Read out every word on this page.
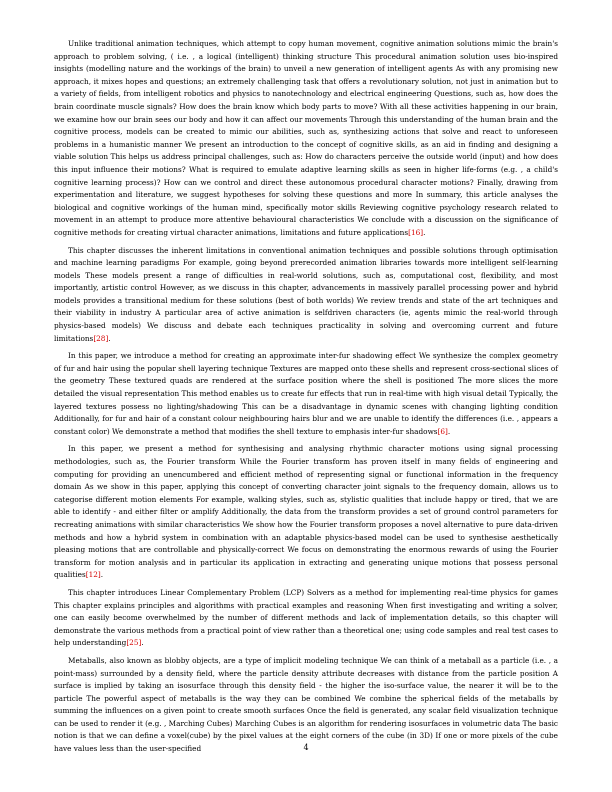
Unlike traditional animation techniques, which attempt to copy human movement, cognitive animation solutions mimic the brain's approach to problem solving, ( i.e. , a logical (intelligent) thinking structure This procedural animation solution uses bio-inspired insights (modelling nature and the workings of the brain) to unveil a new generation of intelligent agents As with any promising new approach, it mixes hopes and questions; an extremely challenging task that offers a revolutionary solution, not just in animation but to a variety of fields, from intelligent robotics and physics to nanotechnology and electrical engineering Questions, such as, how does the brain coordinate muscle signals? How does the brain know which body parts to move? With all these activities happening in our brain, we examine how our brain sees our body and how it can affect our movements Through this understanding of the human brain and the cognitive process, models can be created to mimic our abilities, such as, synthesizing actions that solve and react to unforeseen problems in a humanistic manner We present an introduction to the concept of cognitive skills, as an aid in finding and designing a viable solution This helps us address principal challenges, such as: How do characters perceive the outside world (input) and how does this input influence their motions? What is required to emulate adaptive learning skills as seen in higher life-forms (e.g. , a child's cognitive learning process)? How can we control and direct these autonomous procedural character motions? Finally, drawing from experimentation and literature, we suggest hypotheses for solving these questions and more In summary, this article analyses the biological and cognitive workings of the human mind, specifically motor skills Reviewing cognitive psychology research related to movement in an attempt to produce more attentive behavioural characteristics We conclude with a discussion on the significance of cognitive methods for creating virtual character animations, limitations and future applications[16].

This chapter discusses the inherent limitations in conventional animation techniques and possible solutions through optimisation and machine learning paradigms For example, going beyond prerecorded animation libraries towards more intelligent self-learning models These models present a range of difficulties in real-world solutions, such as, computational cost, flexibility, and most importantly, artistic control However, as we discuss in this chapter, advancements in massively parallel processing power and hybrid models provides a transitional medium for these solutions (best of both worlds) We review trends and state of the art techniques and their viability in industry A particular area of active animation is selfdriven characters (ie, agents mimic the real-world through physics-based models) We discuss and debate each techniques practicality in solving and overcoming current and future limitations[28].

In this paper, we introduce a method for creating an approximate inter-fur shadowing effect We synthesize the complex geometry of fur and hair using the popular shell layering technique Textures are mapped onto these shells and represent cross-sectional slices of the geometry These textured quads are rendered at the surface position where the shell is positioned The more slices the more detailed the visual representation This method enables us to create fur effects that run in real-time with high visual detail Typically, the layered textures possess no lighting/shadowing This can be a disadvantage in dynamic scenes with changing lighting condition Additionally, for fur and hair of a constant colour neighbouring hairs blur and we are unable to identify the differences (i.e. , appears a constant color) We demonstrate a method that modifies the shell texture to emphasis inter-fur shadows[6].

In this paper, we present a method for synthesising and analysing rhythmic character motions using signal processing methodologies, such as, the Fourier transform While the Fourier transform has proven itself in many fields of engineering and computing for providing an unencumbered and efficient method of representing signal or functional information in the frequency domain As we show in this paper, applying this concept of converting character joint signals to the frequency domain, allows us to categorise different motion elements For example, walking styles, such as, stylistic qualities that include happy or tired, that we are able to identify - and either filter or amplify Additionally, the data from the transform provides a set of ground control parameters for recreating animations with similar characteristics We show how the Fourier transform proposes a novel alternative to pure data-driven methods and how a hybrid system in combination with an adaptable physics-based model can be used to synthesise aesthetically pleasing motions that are controllable and physically-correct We focus on demonstrating the enormous rewards of using the Fourier transform for motion analysis and in particular its application in extracting and generating unique motions that possess personal qualities[12].

This chapter introduces Linear Complementary Problem (LCP) Solvers as a method for implementing real-time physics for games This chapter explains principles and algorithms with practical examples and reasoning When first investigating and writing a solver, one can easily become overwhelmed by the number of different methods and lack of implementation details, so this chapter will demonstrate the various methods from a practical point of view rather than a theoretical one; using code samples and real test cases to help understanding[25].

Metaballs, also known as blobby objects, are a type of implicit modeling technique We can think of a metaball as a particle (i.e. , a point-mass) surrounded by a density field, where the particle density attribute decreases with distance from the particle position A surface is implied by taking an isosurface through this density field - the higher the iso-surface value, the nearer it will be to the particle The powerful aspect of metaballs is the way they can be combined We combine the spherical fields of the metaballs by summing the influences on a given point to create smooth surfaces Once the field is generated, any scalar field visualization technique can be used to render it (e.g. , Marching Cubes) Marching Cubes is an algorithm for rendering isosurfaces in volumetric data The basic notion is that we can define a voxel(cube) by the pixel values at the eight corners of the cube (in 3D) If one or more pixels of the cube have values less than the user-specified	4
